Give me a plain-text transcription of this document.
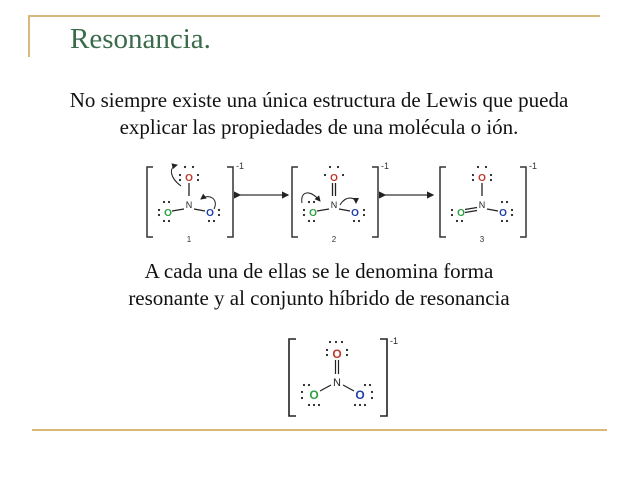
Resonancia.
No siempre existe una única estructura de Lewis que pueda
explicar las propiedades de una molécula o ión.
A cada una de ellas se le denomina forma
resonante y al conjunto híbrido de resonancia
-1
O
N
O	O
1
-1
O
N
O	O
2
-1
O
N
O	O
3
-1
O
N
O	O
